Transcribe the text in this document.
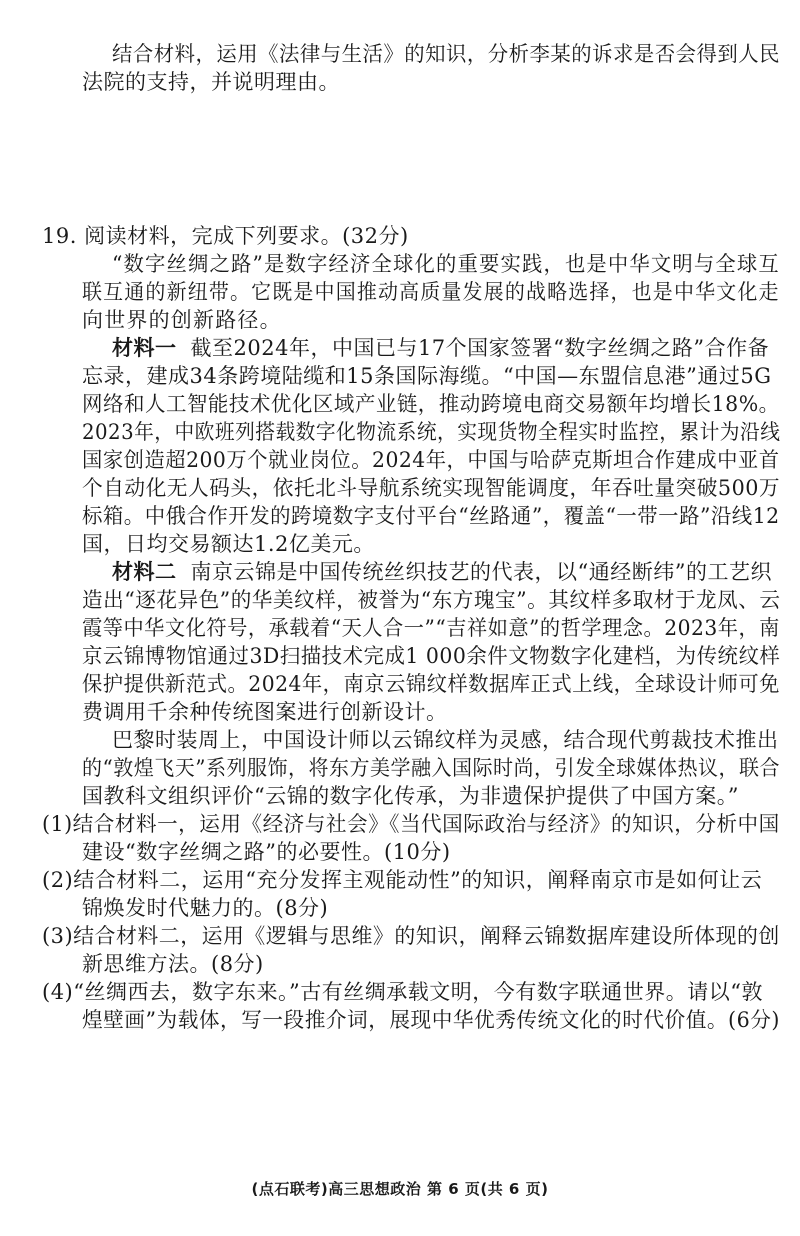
结合材料，运用《法律与生活》的知识，分析李某的诉求是否会得到人民
法院的支持，并说明理由。
19. 阅读材料，完成下列要求。(32分)
“数字丝绸之路”是数字经济全球化的重要实践，也是中华文明与全球互
联互通的新纽带。它既是中国推动高质量发展的战略选择，也是中华文化走
向世界的创新路径。
材料一 截至2024年，中国已与17个国家签署“数字丝绸之路”合作备
忘录，建成34条跨境陆缆和15条国际海缆。“中国—东盟信息港”通过5G
网络和人工智能技术优化区域产业链，推动跨境电商交易额年均增长18%。
2023年，中欧班列搭载数字化物流系统，实现货物全程实时监控，累计为沿线
国家创造超200万个就业岗位。2024年，中国与哈萨克斯坦合作建成中亚首
个自动化无人码头，依托北斗导航系统实现智能调度，年吞吐量突破500万
标箱。中俄合作开发的跨境数字支付平台“丝路通”，覆盖“一带一路”沿线12
国，日均交易额达1.2亿美元。
材料二 南京云锦是中国传统丝织技艺的代表，以“通经断纬”的工艺织
造出“逐花异色”的华美纹样，被誉为“东方瑰宝”。其纹样多取材于龙凤、云
霞等中华文化符号，承载着“天人合一”“吉祥如意”的哲学理念。2023年，南
京云锦博物馆通过3D扫描技术完成1 000余件文物数字化建档，为传统纹样
保护提供新范式。2024年，南京云锦纹样数据库正式上线，全球设计师可免
费调用千余种传统图案进行创新设计。
巴黎时装周上，中国设计师以云锦纹样为灵感，结合现代剪裁技术推出
的“敦煌飞天”系列服饰，将东方美学融入国际时尚，引发全球媒体热议，联合
国教科文组织评价“云锦的数字化传承，为非遗保护提供了中国方案。”
(1)结合材料一，运用《经济与社会》《当代国际政治与经济》的知识，分析中国
建设“数字丝绸之路”的必要性。(10分)
(2)结合材料二，运用“充分发挥主观能动性”的知识，阐释南京市是如何让云
锦焕发时代魅力的。(8分)
(3)结合材料二，运用《逻辑与思维》的知识，阐释云锦数据库建设所体现的创
新思维方法。(8分)
(4)“丝绸西去，数字东来。”古有丝绸承载文明，今有数字联通世界。请以“敦
煌壁画”为载体，写一段推介词，展现中华优秀传统文化的时代价值。(6分)
(点石联考)高三思想政治 第 6 页(共 6 页)
